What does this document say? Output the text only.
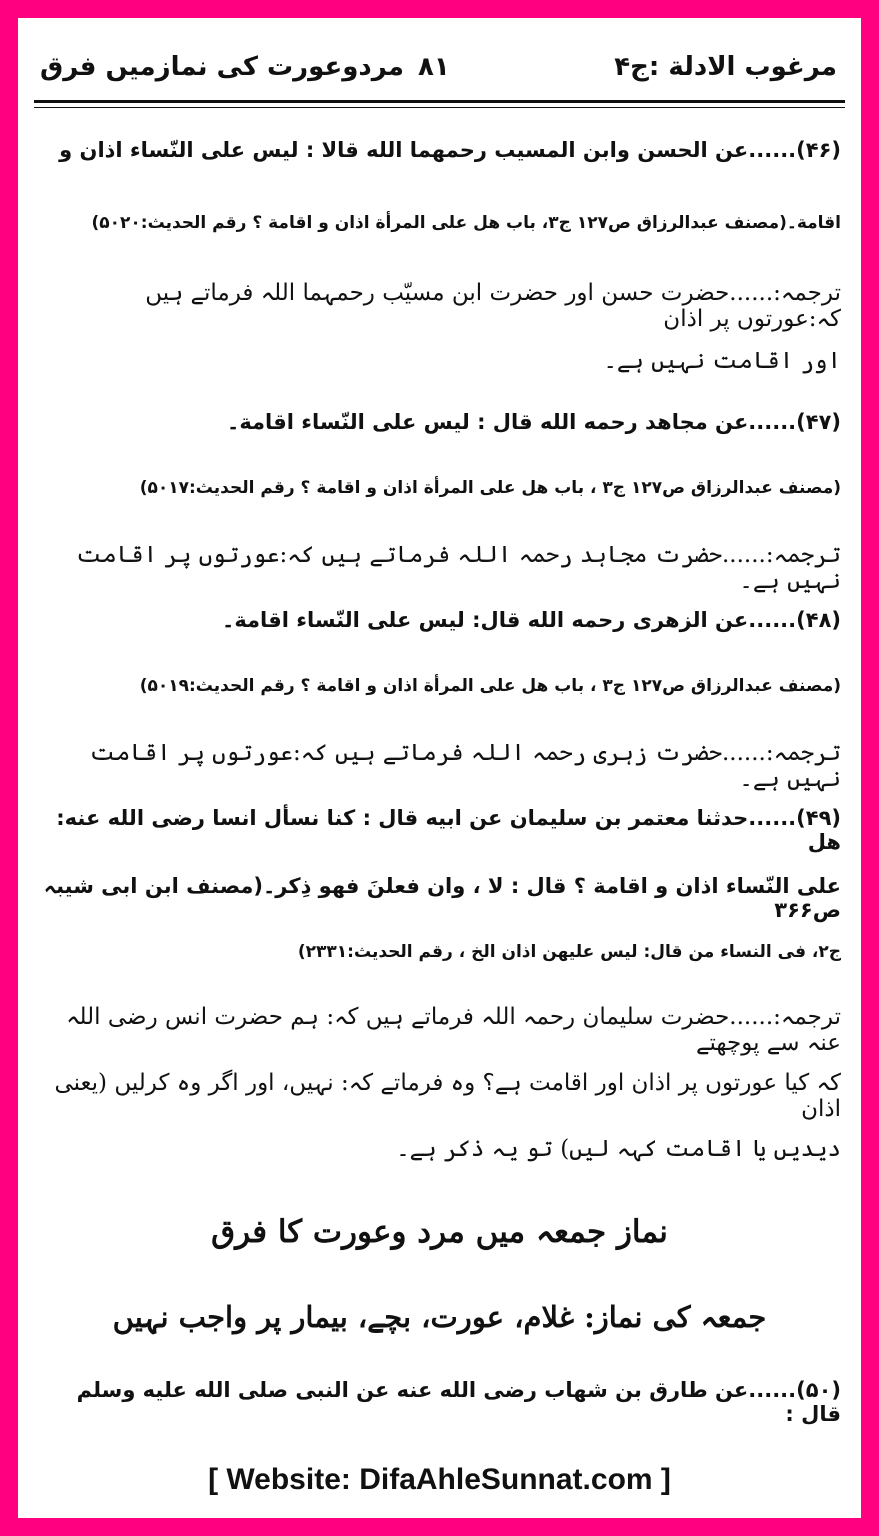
مرغوب الادلة :ج۴
۸۱
مردوعورت کی نمازمیں فرق

(۴۶)......عن الحسن وابن المسيب رحمهما الله قالا : ليس على النّساء اذان و

اقامة۔(مصنف عبدالرزاق ص۱۲۷ ج۳، باب هل على المرأة اذان و اقامة ؟ رقم الحديث:۵۰۲۰)

ترجمہ:......حضرت حسن اور حضرت ابن مسیّب رحمہما اللہ فرماتے ہیں کہ:عورتوں پر اذان

اور اقامت نہیں ہے۔

(۴۷)......عن مجاهد رحمه الله قال : ليس على النّساء اقامة۔

(مصنف عبدالرزاق ص۱۲۷ ج۳ ، باب هل على المرأة اذان و اقامة ؟ رقم الحديث:۵۰۱۷)

ترجمہ:......حضرت مجاہد رحمہ اللہ فرماتے ہیں کہ:عورتوں پر اقامت نہیں ہے۔

(۴۸)......عن الزهرى رحمه الله قال: ليس على النّساء اقامة۔

(مصنف عبدالرزاق ص۱۲۷ ج۳ ، باب هل على المرأة اذان و اقامة ؟ رقم الحديث:۵۰۱۹)

ترجمہ:......حضرت زہری رحمہ اللہ فرماتے ہیں کہ:عورتوں پر اقامت نہیں ہے۔

(۴۹)......حدثنا معتمر بن سليمان عن ابيه قال : كنا نسأل انسا رضى الله عنه: هل

على النّساء اذان و اقامة ؟ قال : لا ، وان فعلنَ فهو ذِكر۔(مصنف ابن ابی شیبہ ص۳۶۶

ج۲، فى النساء من قال: ليس عليهن اذان الخ ، رقم الحديث:۲۳۳۱)

ترجمہ:......حضرت سلیمان رحمہ اللہ فرماتے ہیں کہ: ہم حضرت انس رضی اللہ عنہ سے پوچھتے

کہ کیا عورتوں پر اذان اور اقامت ہے؟ وہ فرماتے کہ: نہیں، اور اگر وہ کرلیں (یعنی اذان

دیدیں یا اقامت کہہ لیں) تو یہ ذکر ہے۔

نماز جمعہ میں مرد وعورت کا فرق
جمعہ کی نماز: غلام، عورت، بچے، بیمار پر واجب نہیں

(۵۰)......عن طارق بن شهاب رضى الله عنه عن النبى صلى الله عليه وسلم قال :

[ Website: DifaAhleSunnat.com ]
